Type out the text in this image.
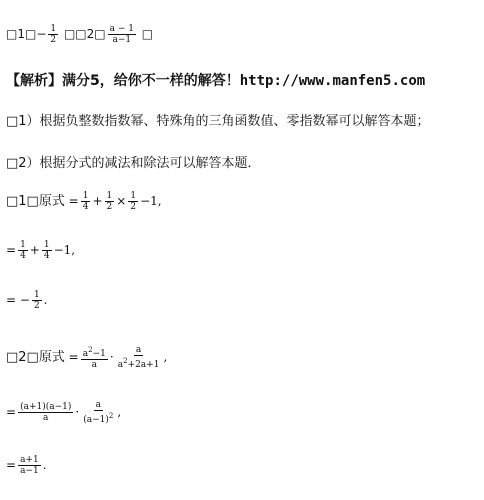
□1□− $\frac{1}{2}$ □□2□ $\frac{a - 1}{a-1}$ □
【解析】满分5，给你不一样的解答！http://www.manfen5.com
□1）根据负整数指数幂、特殊角的三角函数值、零指数幂可以解答本题；
□2）根据分式的减法和除法可以解答本题．
□1□原式 = $\frac{1}{4} + \frac{1}{2} \times \frac{1}{2} -1$,
= $\frac{1}{4} + \frac{1}{4} -1$,
= − $\frac{1}{2}$ .
□2□原式 = $\frac{a^2-1}{a} \cdot \frac{a}{a^2+2a+1}$ ,
= $\frac{(a+1)(a-1)}{a} \cdot \frac{a}{(a-1)^2}$ ,
= $\frac{a+1}{a-1}$ .
